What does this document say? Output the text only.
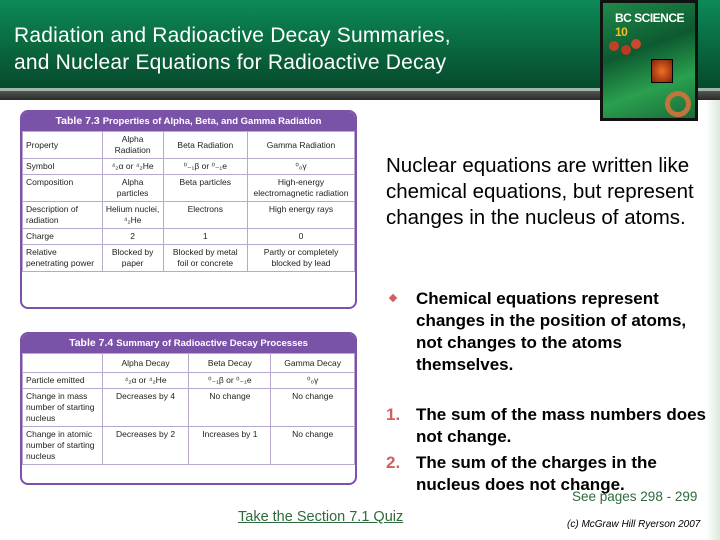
Radiation and Radioactive Decay Summaries,
and Nuclear Equations for Radioactive Decay
BC SCIENCE 10
Table 7.3 Properties of Alpha, Beta, and Gamma Radiation
Property	Alpha Radiation	Beta Radiation	Gamma Radiation
Symbol	⁴₂α or ⁴₂He	⁰₋₁β or ⁰₋₁e	⁰₀γ
Composition	Alpha particles	Beta particles	High-energy electromagnetic radiation
Description of radiation	Helium nuclei, ⁴₂He	Electrons	High energy rays
Charge	2	1	0
Relative penetrating power	Blocked by paper	Blocked by metal foil or concrete	Partly or completely blocked by lead
Table 7.4 Summary of Radioactive Decay Processes
	Alpha Decay	Beta Decay	Gamma Decay
Particle emitted	⁴₂α or ⁴₂He	⁰₋₁β or ⁰₋₁e	⁰₀γ
Change in mass number of starting nucleus	Decreases by 4	No change	No change
Change in atomic number of starting nucleus	Decreases by 2	Increases by 1	No change
Nuclear equations are written like chemical equations, but represent changes in the nucleus of atoms.
Chemical equations represent changes in the position of atoms, not changes to the atoms themselves.
1. The sum of the mass numbers does not change.
2. The sum of the charges in the nucleus does not change.
See pages 298 - 299
Take the Section 7.1 Quiz	(c) McGraw Hill Ryerson 2007
